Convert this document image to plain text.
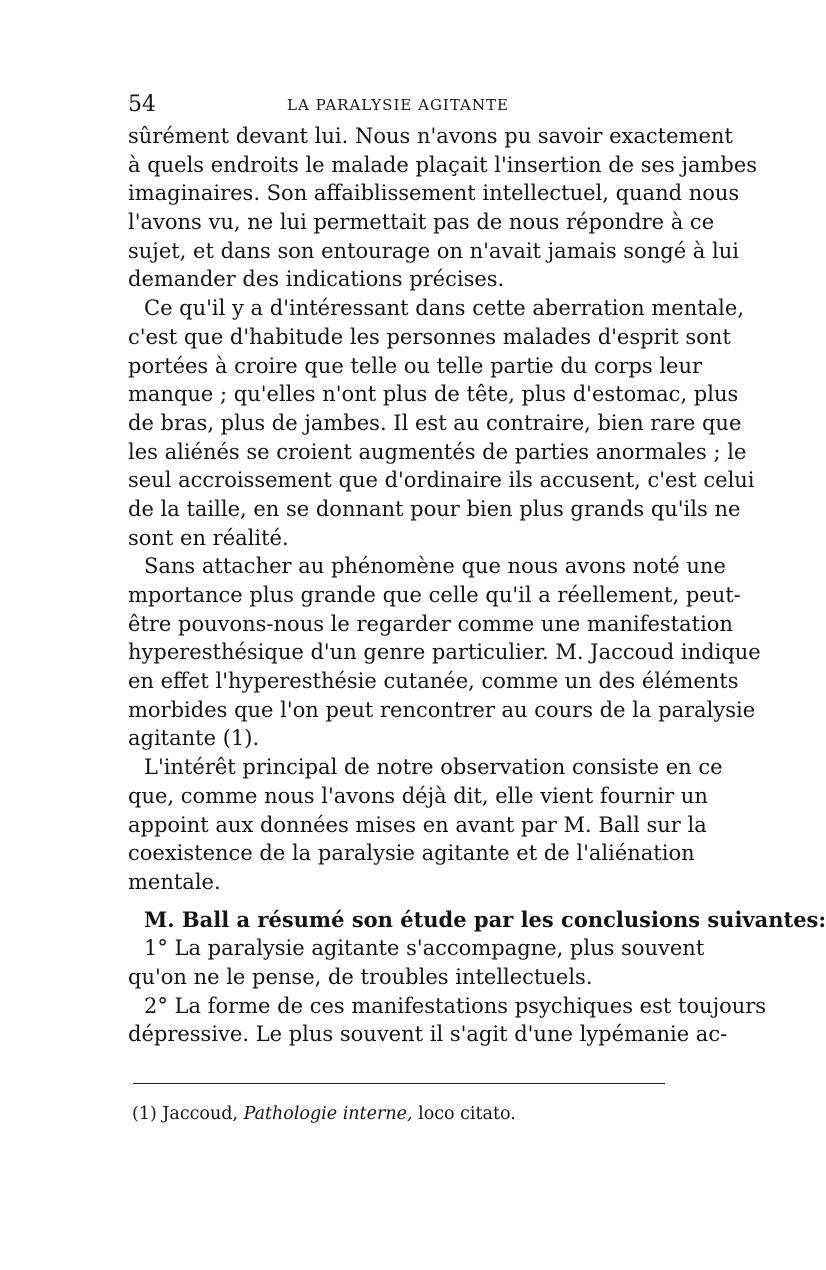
54	LA PARALYSIE AGITANTE
sûrément devant lui. Nous n'avons pu savoir exactement
à quels endroits le malade plaçait l'insertion de ses jambes
imaginaires. Son affaiblissement intellectuel, quand nous
l'avons vu, ne lui permettait pas de nous répondre à ce
sujet, et dans son entourage on n'avait jamais songé à lui
demander des indications précises.
Ce qu'il y a d'intéressant dans cette aberration mentale,
c'est que d'habitude les personnes malades d'esprit sont
portées à croire que telle ou telle partie du corps leur
manque ; qu'elles n'ont plus de tête, plus d'estomac, plus
de bras, plus de jambes. Il est au contraire, bien rare que
les aliénés se croient augmentés de parties anormales ; le
seul accroissement que d'ordinaire ils accusent, c'est celui
de la taille, en se donnant pour bien plus grands qu'ils ne
sont en réalité.
Sans attacher au phénomène que nous avons noté une
mportance plus grande que celle qu'il a réellement, peut-
être pouvons-nous le regarder comme une manifestation
hyperesthésique d'un genre particulier. M. Jaccoud indique
en effet l'hyperesthésie cutanée, comme un des éléments
morbides que l'on peut rencontrer au cours de la paralysie
agitante (1).
L'intérêt principal de notre observation consiste en ce
que, comme nous l'avons déjà dit, elle vient fournir un
appoint aux données mises en avant par M. Ball sur la
coexistence de la paralysie agitante et de l'aliénation
mentale.
M. Ball a résumé son étude par les conclusions suivantes:
1° La paralysie agitante s'accompagne, plus souvent
qu'on ne le pense, de troubles intellectuels.
2° La forme de ces manifestations psychiques est toujours
dépressive. Le plus souvent il s'agit d'une lypémanie ac-
(1) Jaccoud, Pathologie interne, loco citato.
